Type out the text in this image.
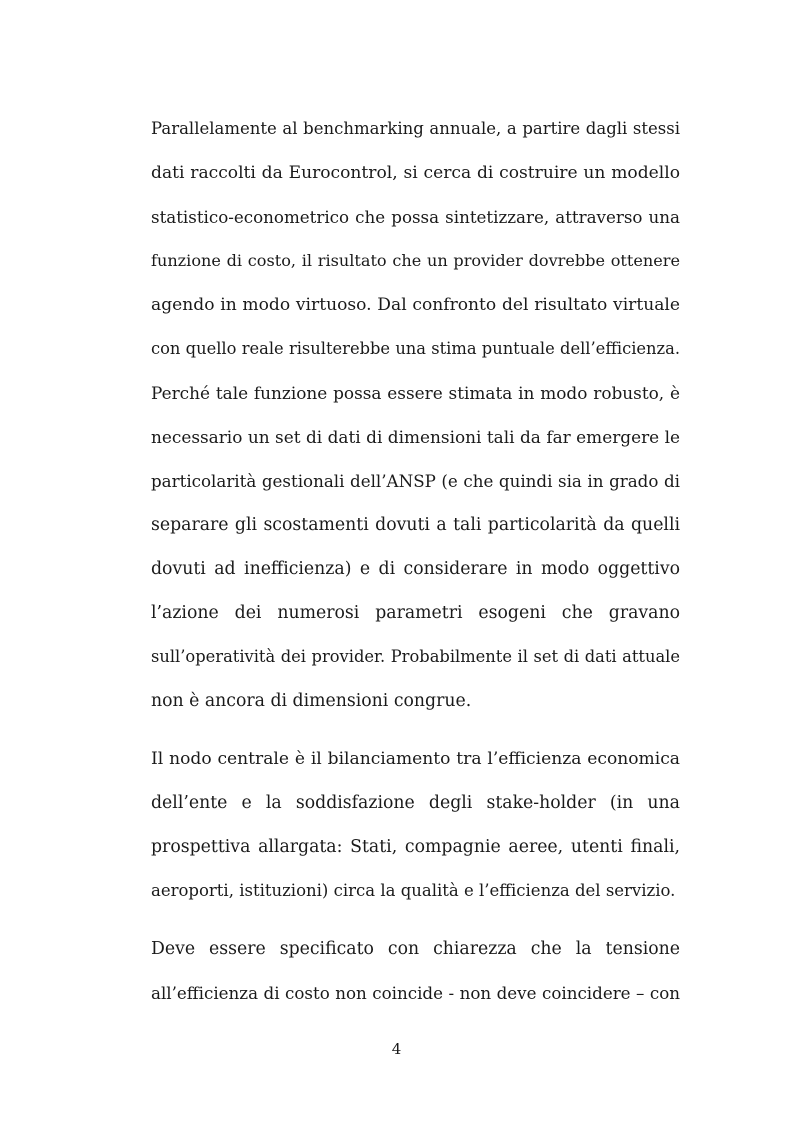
Parallelamente al benchmarking annuale, a partire dagli stessi
dati raccolti da Eurocontrol, si cerca di costruire un modello
statistico-econometrico che possa sintetizzare, attraverso una
funzione di costo, il risultato che un provider dovrebbe ottenere
agendo in modo virtuoso. Dal confronto del risultato virtuale
con quello reale risulterebbe una stima puntuale dell’efficienza.
Perché tale funzione possa essere stimata in modo robusto, è
necessario un set di dati di dimensioni tali da far emergere le
particolarità gestionali dell’ANSP (e che quindi sia in grado di
separare gli scostamenti dovuti a tali particolarità da quelli
dovuti ad inefficienza) e di considerare in modo oggettivo
l’azione dei numerosi parametri esogeni che gravano
sull’operatività dei provider. Probabilmente il set di dati attuale
non è ancora di dimensioni congrue.
Il nodo centrale è il bilanciamento tra l’efficienza economica
dell’ente e la soddisfazione degli stake-holder (in una
prospettiva allargata: Stati, compagnie aeree, utenti finali,
aeroporti, istituzioni) circa la qualità e l’efficienza del servizio.
Deve essere specificato con chiarezza che la tensione
all’efficienza di costo non coincide - non deve coincidere – con
4
